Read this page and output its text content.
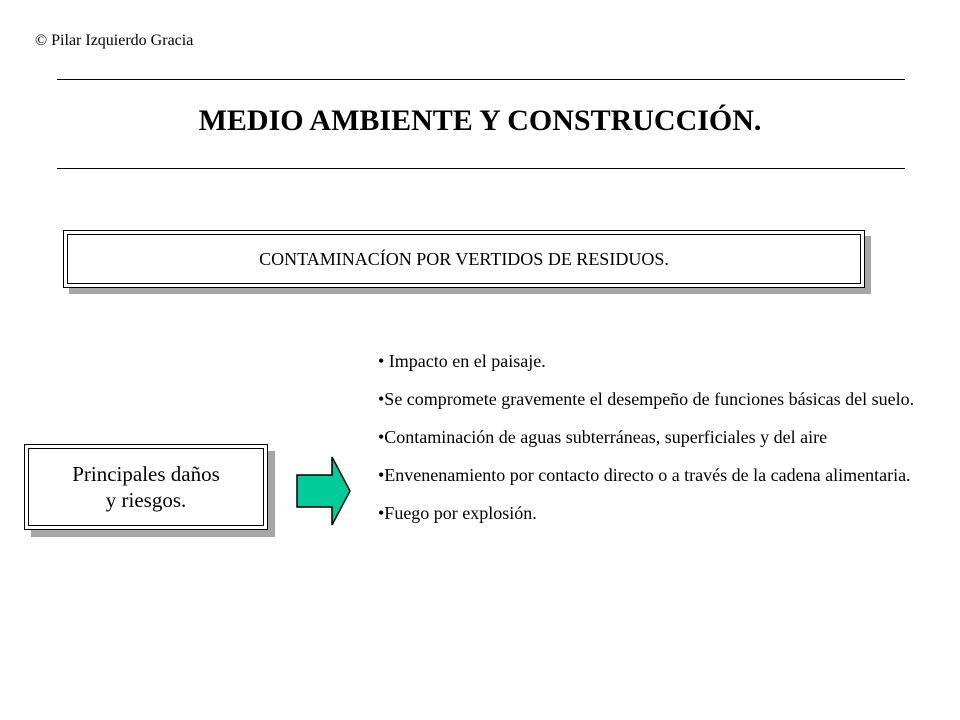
© Pilar Izquierdo Gracia
MEDIO AMBIENTE Y CONSTRUCCIÓN.
CONTAMINACÍON POR VERTIDOS DE RESIDUOS.
Principales daños
y riesgos.

• Impacto en el paisaje.

•Se compromete gravemente el desempeño de funciones básicas del suelo.

•Contaminación de aguas subterráneas, superficiales y del aire

•Envenenamiento por contacto directo o a través de la cadena alimentaria.

•Fuego por explosión.
